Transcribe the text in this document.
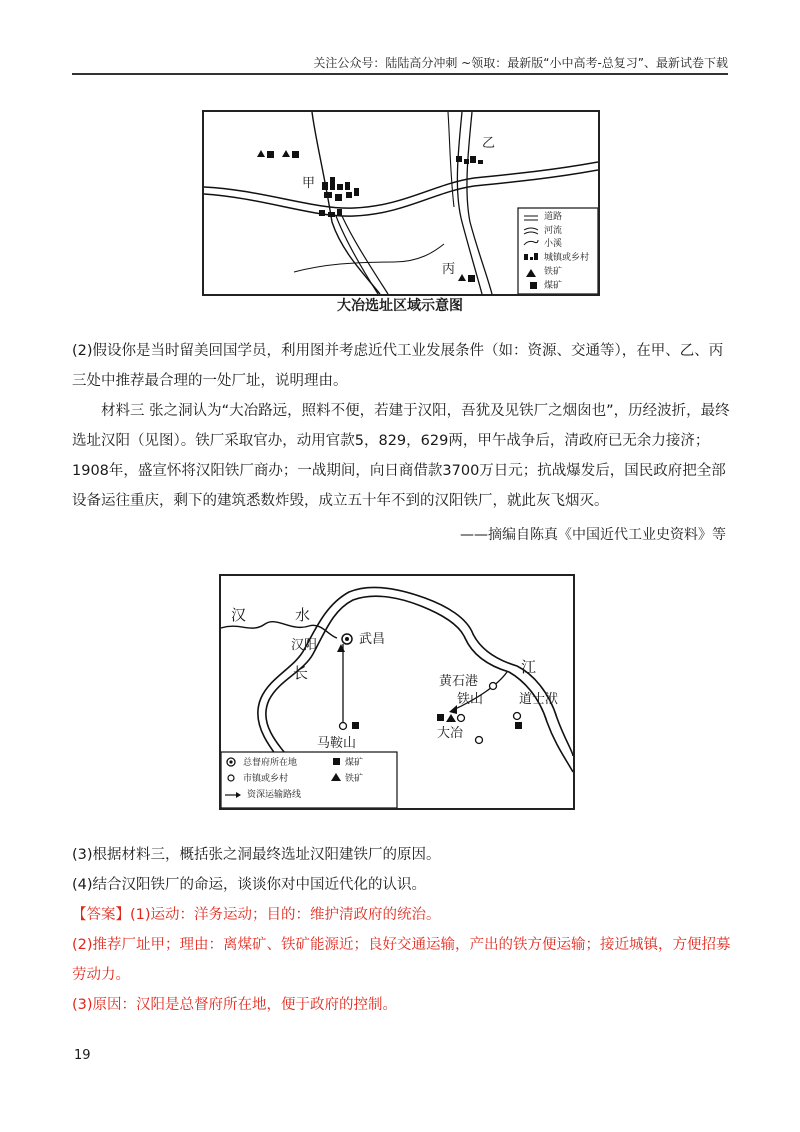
关注公众号：陆陆高分冲刺 ~领取：最新版“小中高考-总复习”、最新试卷下载
甲
乙
丙
道路
河流
小溪
城镇或乡村
铁矿
煤矿
大冶选址区域示意图
(2)假设你是当时留美回国学员，利用图并考虑近代工业发展条件（如：资源、交通等），在甲、乙、丙三处中推荐最合理的一处厂址，说明理由。
材料三 张之洞认为“大冶路远，照料不便，若建于汉阳，吾犹及见铁厂之烟囱也”，历经波折，最终选址汉阳（见图）。铁厂采取官办，动用官款5，829，629两，甲午战争后，清政府已无余力接济；1908年，盛宣怀将汉阳铁厂商办；一战期间，向日商借款3700万日元；抗战爆发后，国民政府把全部设备运往重庆，剩下的建筑悉数炸毁，成立五十年不到的汉阳铁厂，就此灰飞烟灭。
——摘编自陈真《中国近代工业史资料》等
汉	水
汉阳	武昌
长	江
黄石港
铁山	道士洑
大冶
马鞍山
总督府所在地
市镇或乡村
资深运输路线
煤矿
铁矿
(3)根据材料三，概括张之洞最终选址汉阳建铁厂的原因。
(4)结合汉阳铁厂的命运，谈谈你对中国近代化的认识。
【答案】(1)运动：洋务运动；目的：维护清政府的统治。
(2)推荐厂址甲；理由：离煤矿、铁矿能源近；良好交通运输，产出的铁方便运输；接近城镇，方便招募劳动力。
(3)原因：汉阳是总督府所在地，便于政府的控制。
19
